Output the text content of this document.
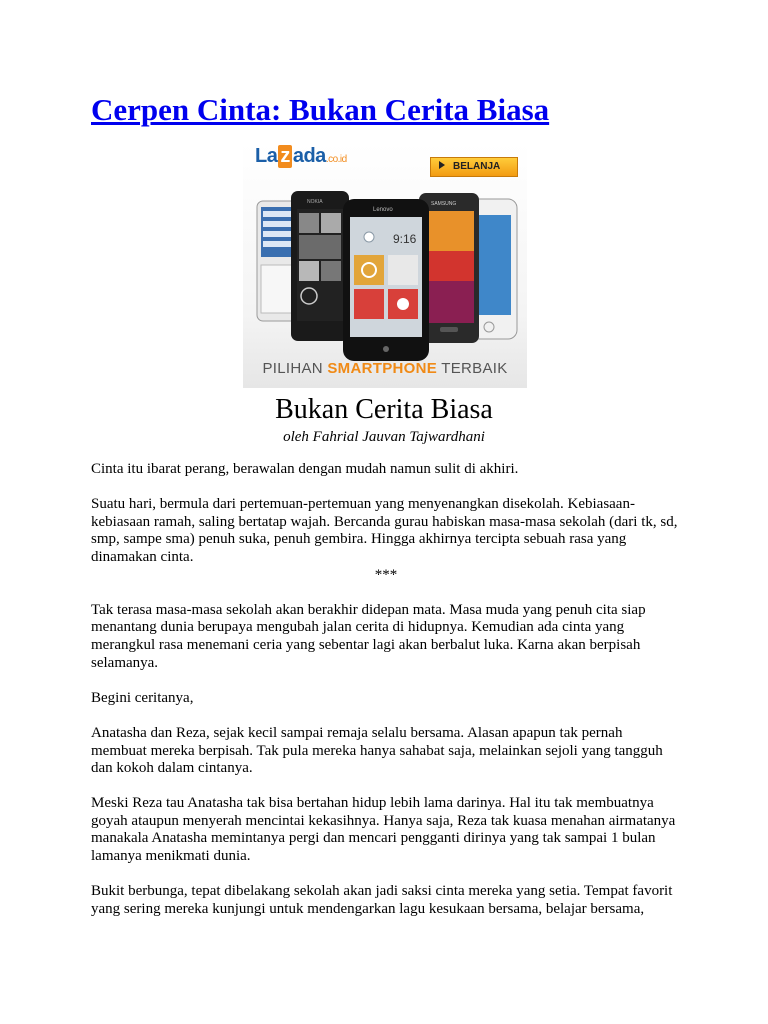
Cerpen Cinta: Bukan Cerita Biasa
La z ada.co.id
BELANJA
NOKIA	SAMSUNG
Lenovo
9:16
PILIHAN SMARTPHONE TERBAIK
Bukan Cerita Biasa
oleh Fahrial Jauvan Tajwardhani

Cinta itu ibarat perang, berawalan dengan mudah namun sulit di akhiri.

Suatu hari, bermula dari pertemuan-pertemuan yang menyenangkan disekolah. Kebiasaan-kebiasaan ramah, saling bertatap wajah. Bercanda gurau habiskan masa-masa sekolah (dari tk, sd, smp, sampe sma) penuh suka, penuh gembira. Hingga akhirnya tercipta sebuah rasa yang dinamakan cinta.

***

Tak terasa masa-masa sekolah akan berakhir didepan mata. Masa muda yang penuh cita siap menantang dunia berupaya mengubah jalan cerita di hidupnya. Kemudian ada cinta yang merangkul rasa menemani ceria yang sebentar lagi akan berbalut luka. Karna akan berpisah selamanya.

Begini ceritanya,

Anatasha dan Reza, sejak kecil sampai remaja selalu bersama. Alasan apapun tak pernah membuat mereka berpisah. Tak pula mereka hanya sahabat saja, melainkan sejoli yang tangguh dan kokoh dalam cintanya.

Meski Reza tau Anatasha tak bisa bertahan hidup lebih lama darinya. Hal itu tak membuatnya goyah ataupun menyerah mencintai kekasihnya. Hanya saja, Reza tak kuasa menahan airmatanya manakala Anatasha memintanya pergi dan mencari pengganti dirinya yang tak sampai 1 bulan lamanya menikmati dunia.

Bukit berbunga, tepat dibelakang sekolah akan jadi saksi cinta mereka yang setia. Tempat favorit yang sering mereka kunjungi untuk mendengarkan lagu kesukaan bersama, belajar bersama,
